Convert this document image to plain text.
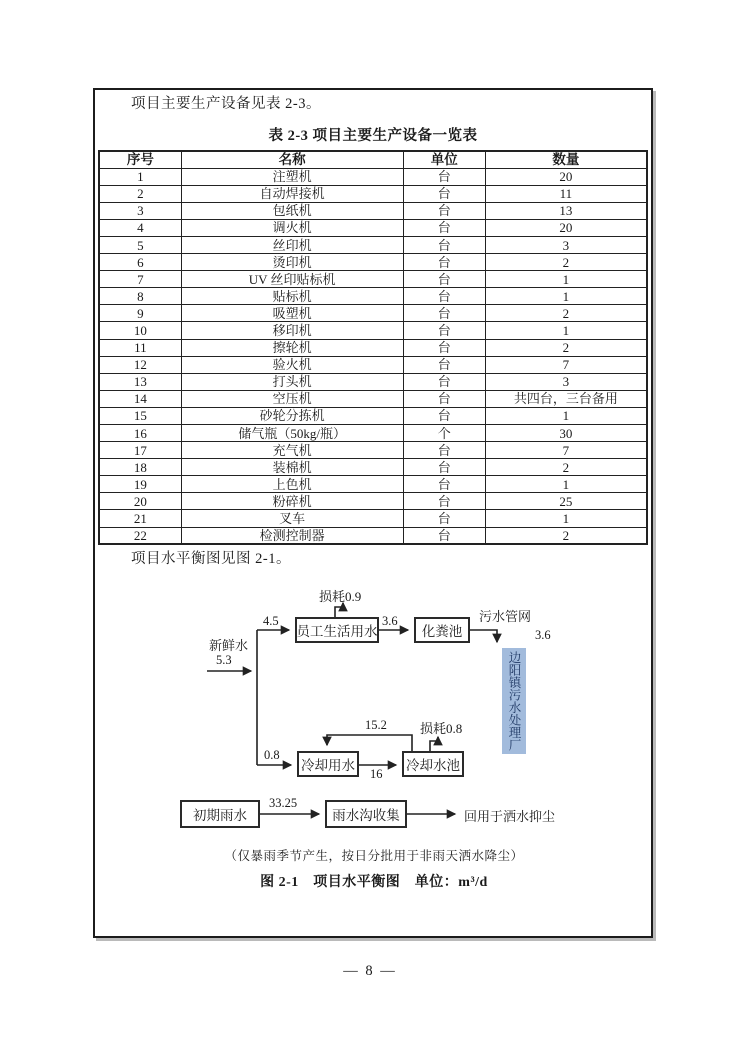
项目主要生产设备见表 2-3。

表 2-3 项目主要生产设备一览表
序号	名称	单位	数量
1	注塑机	台	20
2	自动焊接机	台	11
3	包纸机	台	13
4	调火机	台	20
5	丝印机	台	3
6	烫印机	台	2
7	UV 丝印贴标机	台	1
8	贴标机	台	1
9	吸塑机	台	2
10	移印机	台	1
11	擦轮机	台	2
12	验火机	台	7
13	打头机	台	3
14	空压机	台	共四台，三台备用
15	砂轮分拣机	台	1
16	储气瓶（50kg/瓶）	个	30
17	充气机	台	7
18	装棉机	台	2
19	上色机	台	1
20	粉碎机	台	25
21	叉车	台	1
22	检测控制器	台	2

项目水平衡图见图 2-1。

员工生活用水	化粪池
冷却用水	冷却水池
初期雨水	雨水沟收集
边阳镇污水处理厂
损耗0.9
4.5	3.6	污水管网
3.6
新鲜水
5.3
0.8
15.2	损耗0.8
16
33.25
回用于洒水抑尘
（仅暴雨季节产生，按日分批用于非雨天洒水降尘）
图 2-1　项目水平衡图　单位：m³/d
— 8 —
